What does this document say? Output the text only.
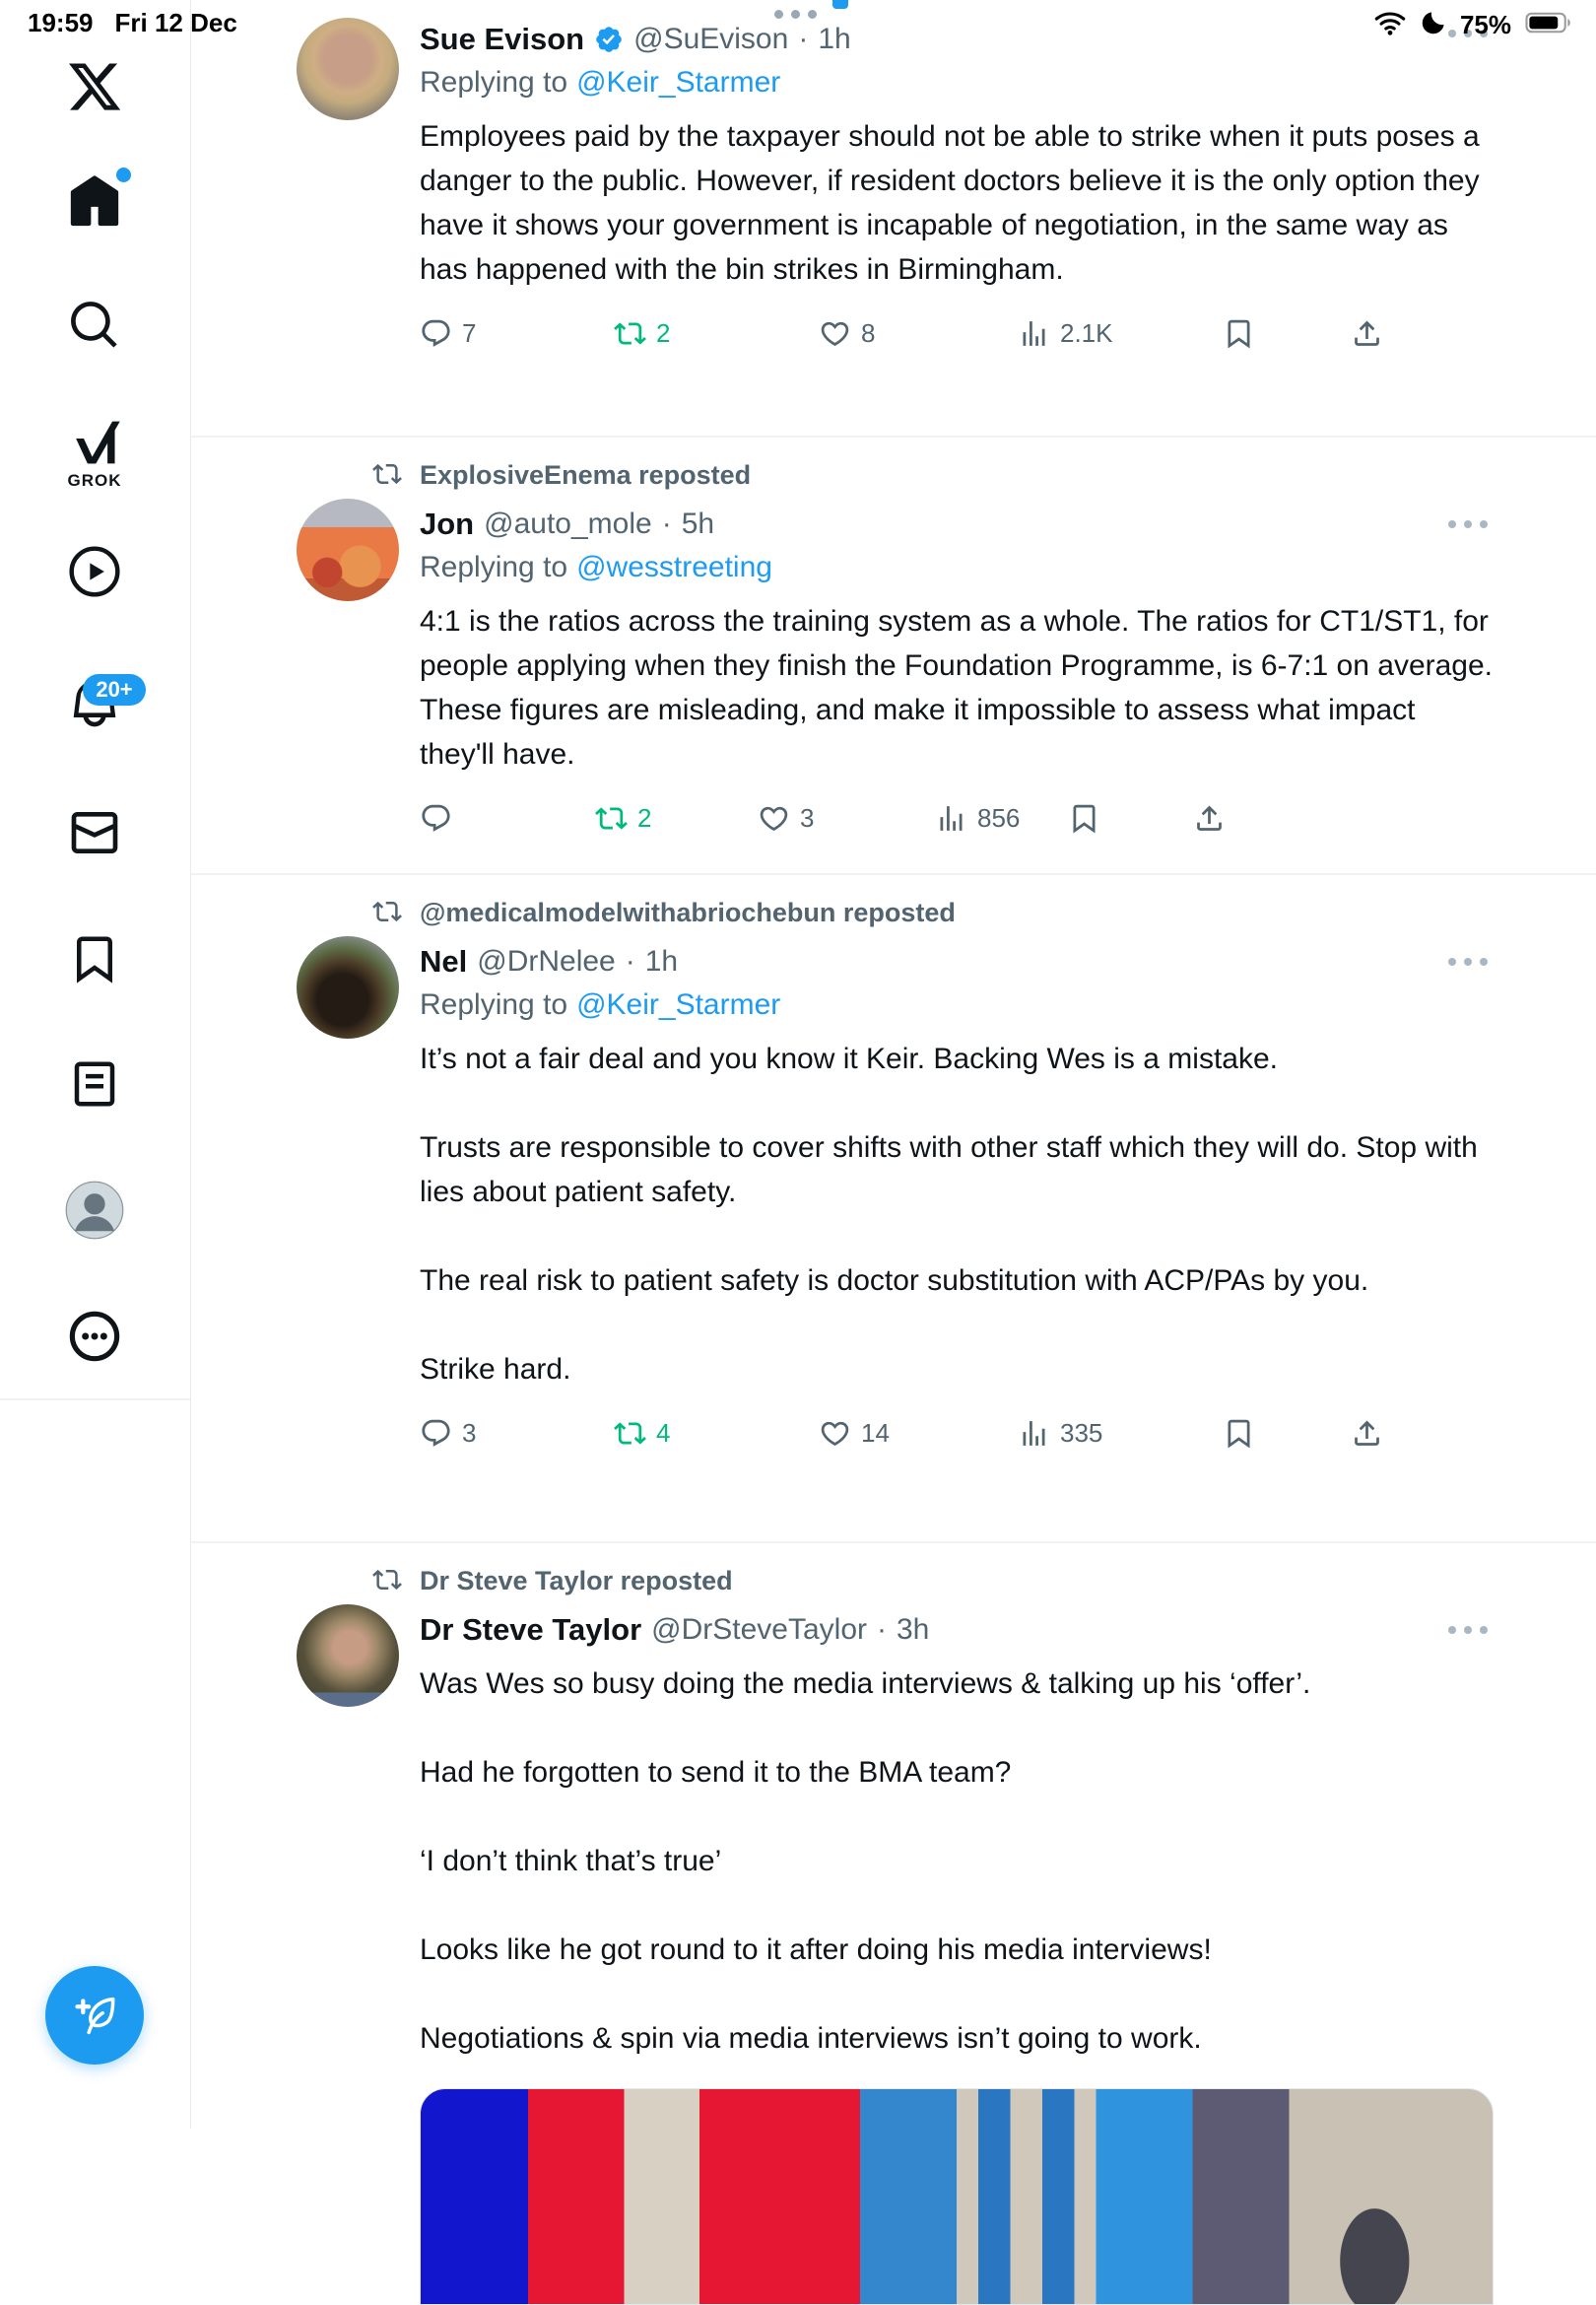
19:59 Fri 12 Dec	75%
GROK
20+
Sue Evison @SuEvison · 1h
Replying to @Keir_Starmer

Employees paid by the taxpayer should not be able to strike when it puts poses a danger to the public. However, if resident doctors believe it is the only option they have it shows your government is incapable of negotiation, in the same way as has happened with the bin strikes in Birmingham.

7	2	8	2.1K
ExplosiveEnema reposted
Jon @auto_mole · 5h
Replying to @wesstreeting

4:1 is the ratios across the training system as a whole. The ratios for CT1/ST1, for people applying when they finish the Foundation Programme, is 6-7:1 on average. These figures are misleading, and make it impossible to assess what impact they'll have.

2	3	856
@medicalmodelwithabriochebun reposted
Nel @DrNelee · 1h
Replying to @Keir_Starmer

It’s not a fair deal and you know it Keir. Backing Wes is a mistake.

Trusts are responsible to cover shifts with other staff which they will do. Stop with lies about patient safety.

The real risk to patient safety is doctor substitution with ACP/PAs by you.

Strike hard.

3	4	14	335
Dr Steve Taylor reposted
Dr Steve Taylor @DrSteveTaylor · 3h

Was Wes so busy doing the media interviews & talking up his ‘offer’.

Had he forgotten to send it to the BMA team?

‘I don’t think that’s true’

Looks like he got round to it after doing his media interviews!

Negotiations & spin via media interviews isn’t going to work.
